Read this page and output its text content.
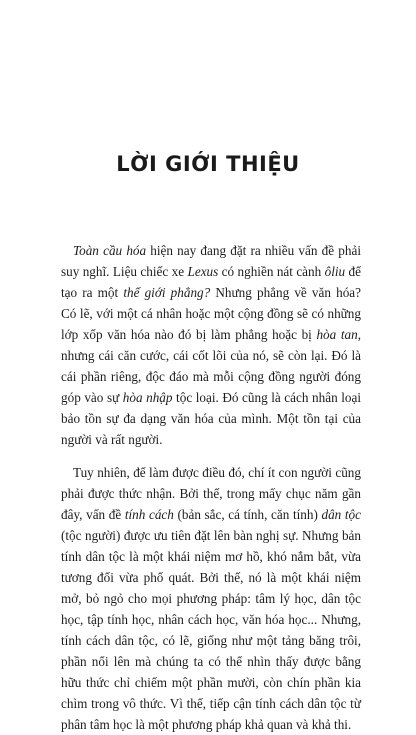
LỜI GIỚI THIỆU

Toàn cầu hóa hiện nay đang đặt ra nhiều vấn đề phải suy nghĩ. Liệu chiếc xe Lexus có nghiền nát cành ôliu để tạo ra một thế giới phẳng? Nhưng phẳng về văn hóa? Có lẽ, với một cá nhân hoặc một cộng đồng sẽ có những lớp xốp văn hóa nào đó bị làm phẳng hoặc bị hòa tan, nhưng cái căn cước, cái cốt lõi của nó, sẽ còn lại. Đó là cái phần riêng, độc đáo mà mỗi cộng đồng người đóng góp vào sự hòa nhập tộc loại. Đó cũng là cách nhân loại bảo tồn sự đa dạng văn hóa của mình. Một tồn tại của người và rất người.

Tuy nhiên, để làm được điều đó, chí ít con người cũng phải được thức nhận. Bởi thế, trong mấy chục năm gần đây, vấn đề tính cách (bản sắc, cá tính, căn tính) dân tộc (tộc người) được ưu tiên đặt lên bàn nghị sự. Nhưng bản tính dân tộc là một khái niệm mơ hồ, khó nắm bắt, vừa tương đối vừa phổ quát. Bởi thế, nó là một khái niệm mở, bỏ ngỏ cho mọi phương pháp: tâm lý học, dân tộc học, tập tính học, nhân cách học, văn hóa học... Nhưng, tính cách dân tộc, có lẽ, giống như một tảng băng trôi, phần nổi lên mà chúng ta có thể nhìn thấy được bằng hữu thức chỉ chiếm một phần mười, còn chín phần kia chìm trong vô thức. Vì thế, tiếp cận tính cách dân tộc từ phân tâm học là một phương pháp khả quan và khả thi.
